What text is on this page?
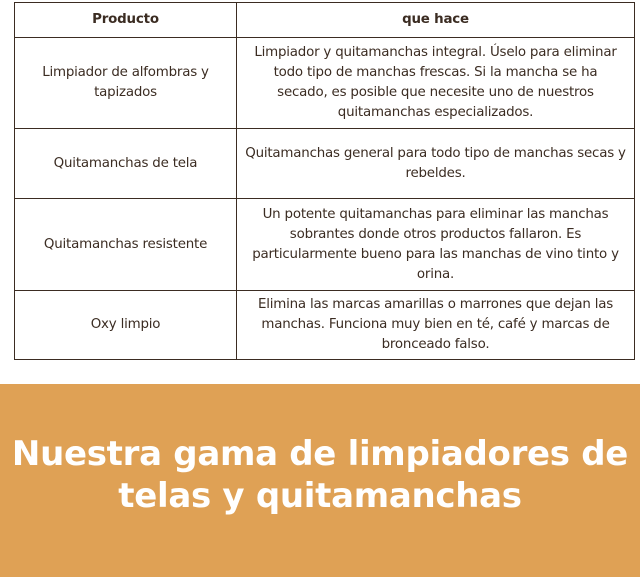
Producto	que hace
Limpiador de alfombras y tapizados	Limpiador y quitamanchas integral. Úselo para eliminar todo tipo de manchas frescas. Si la mancha se ha secado, es posible que necesite uno de nuestros quitamanchas especializados.
Quitamanchas de tela	Quitamanchas general para todo tipo de manchas secas y rebeldes.
Quitamanchas resistente	Un potente quitamanchas para eliminar las manchas sobrantes donde otros productos fallaron. Es particularmente bueno para las manchas de vino tinto y orina.
Oxy limpio	Elimina las marcas amarillas o marrones que dejan las manchas. Funciona muy bien en té, café y marcas de bronceado falso.
Nuestra gama de limpiadores de telas y quitamanchas
